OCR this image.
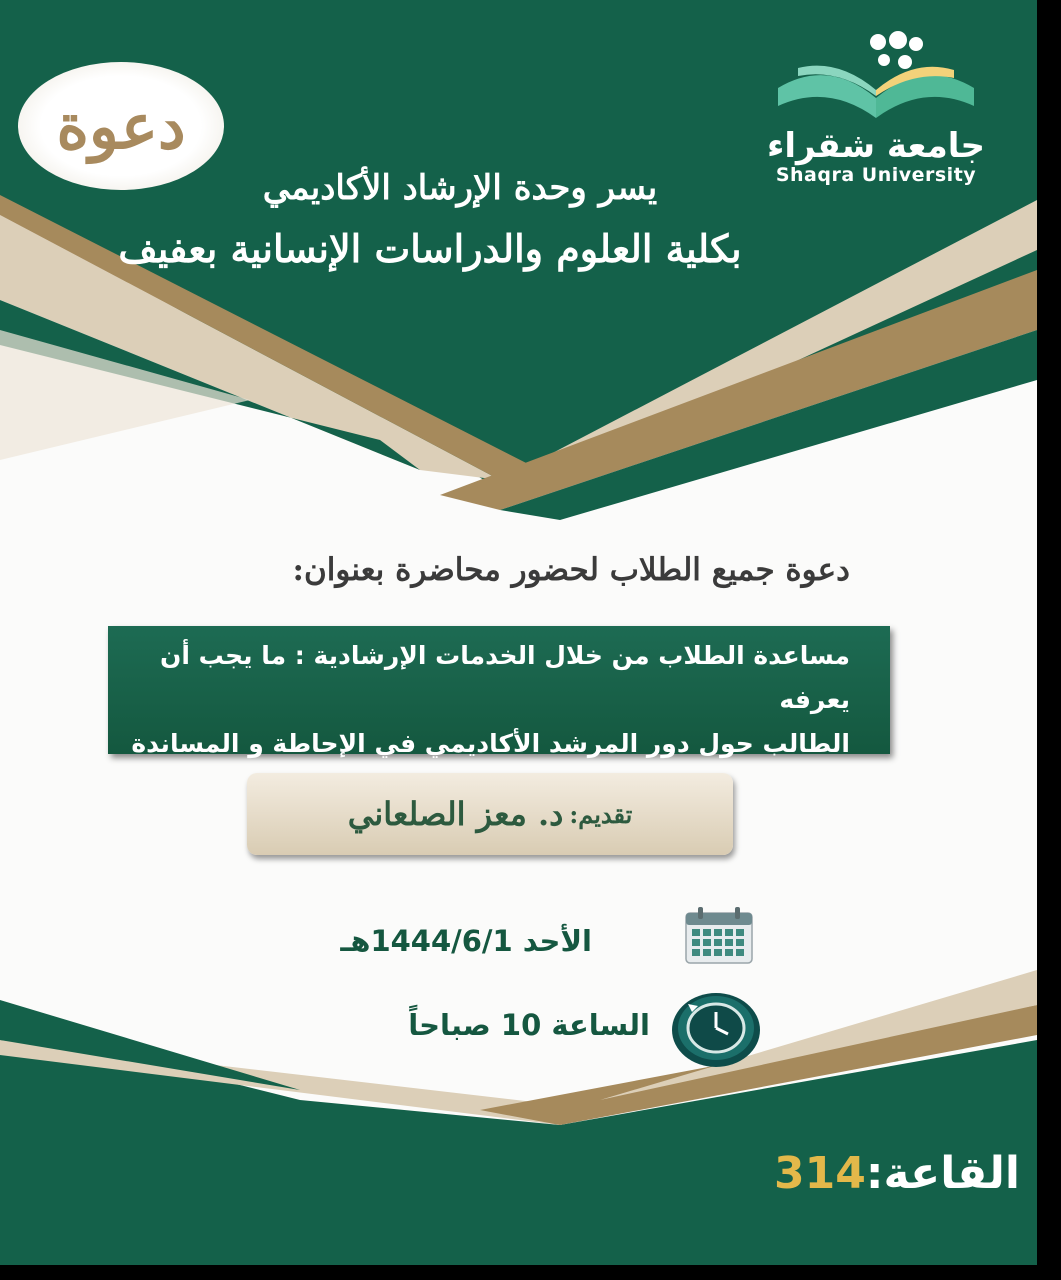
دعوة	جامعة شقراء
Shaqra University
يسر وحدة الإرشاد الأكاديمي
بكلية العلوم والدراسات الإنسانية بعفيف
دعوة جميع الطلاب لحضور محاضرة بعنوان:

مساعدة الطلاب من خلال الخدمات الإرشادية : ما يجب أن يعرفه

الطالب حول دور المرشد الأكاديمي في الإحاطة و المساندة

تقديم:
د. معز الصلعاني
الأحد 1444/6/1هـ
الساعة 10 صباحاً
القاعة:314
